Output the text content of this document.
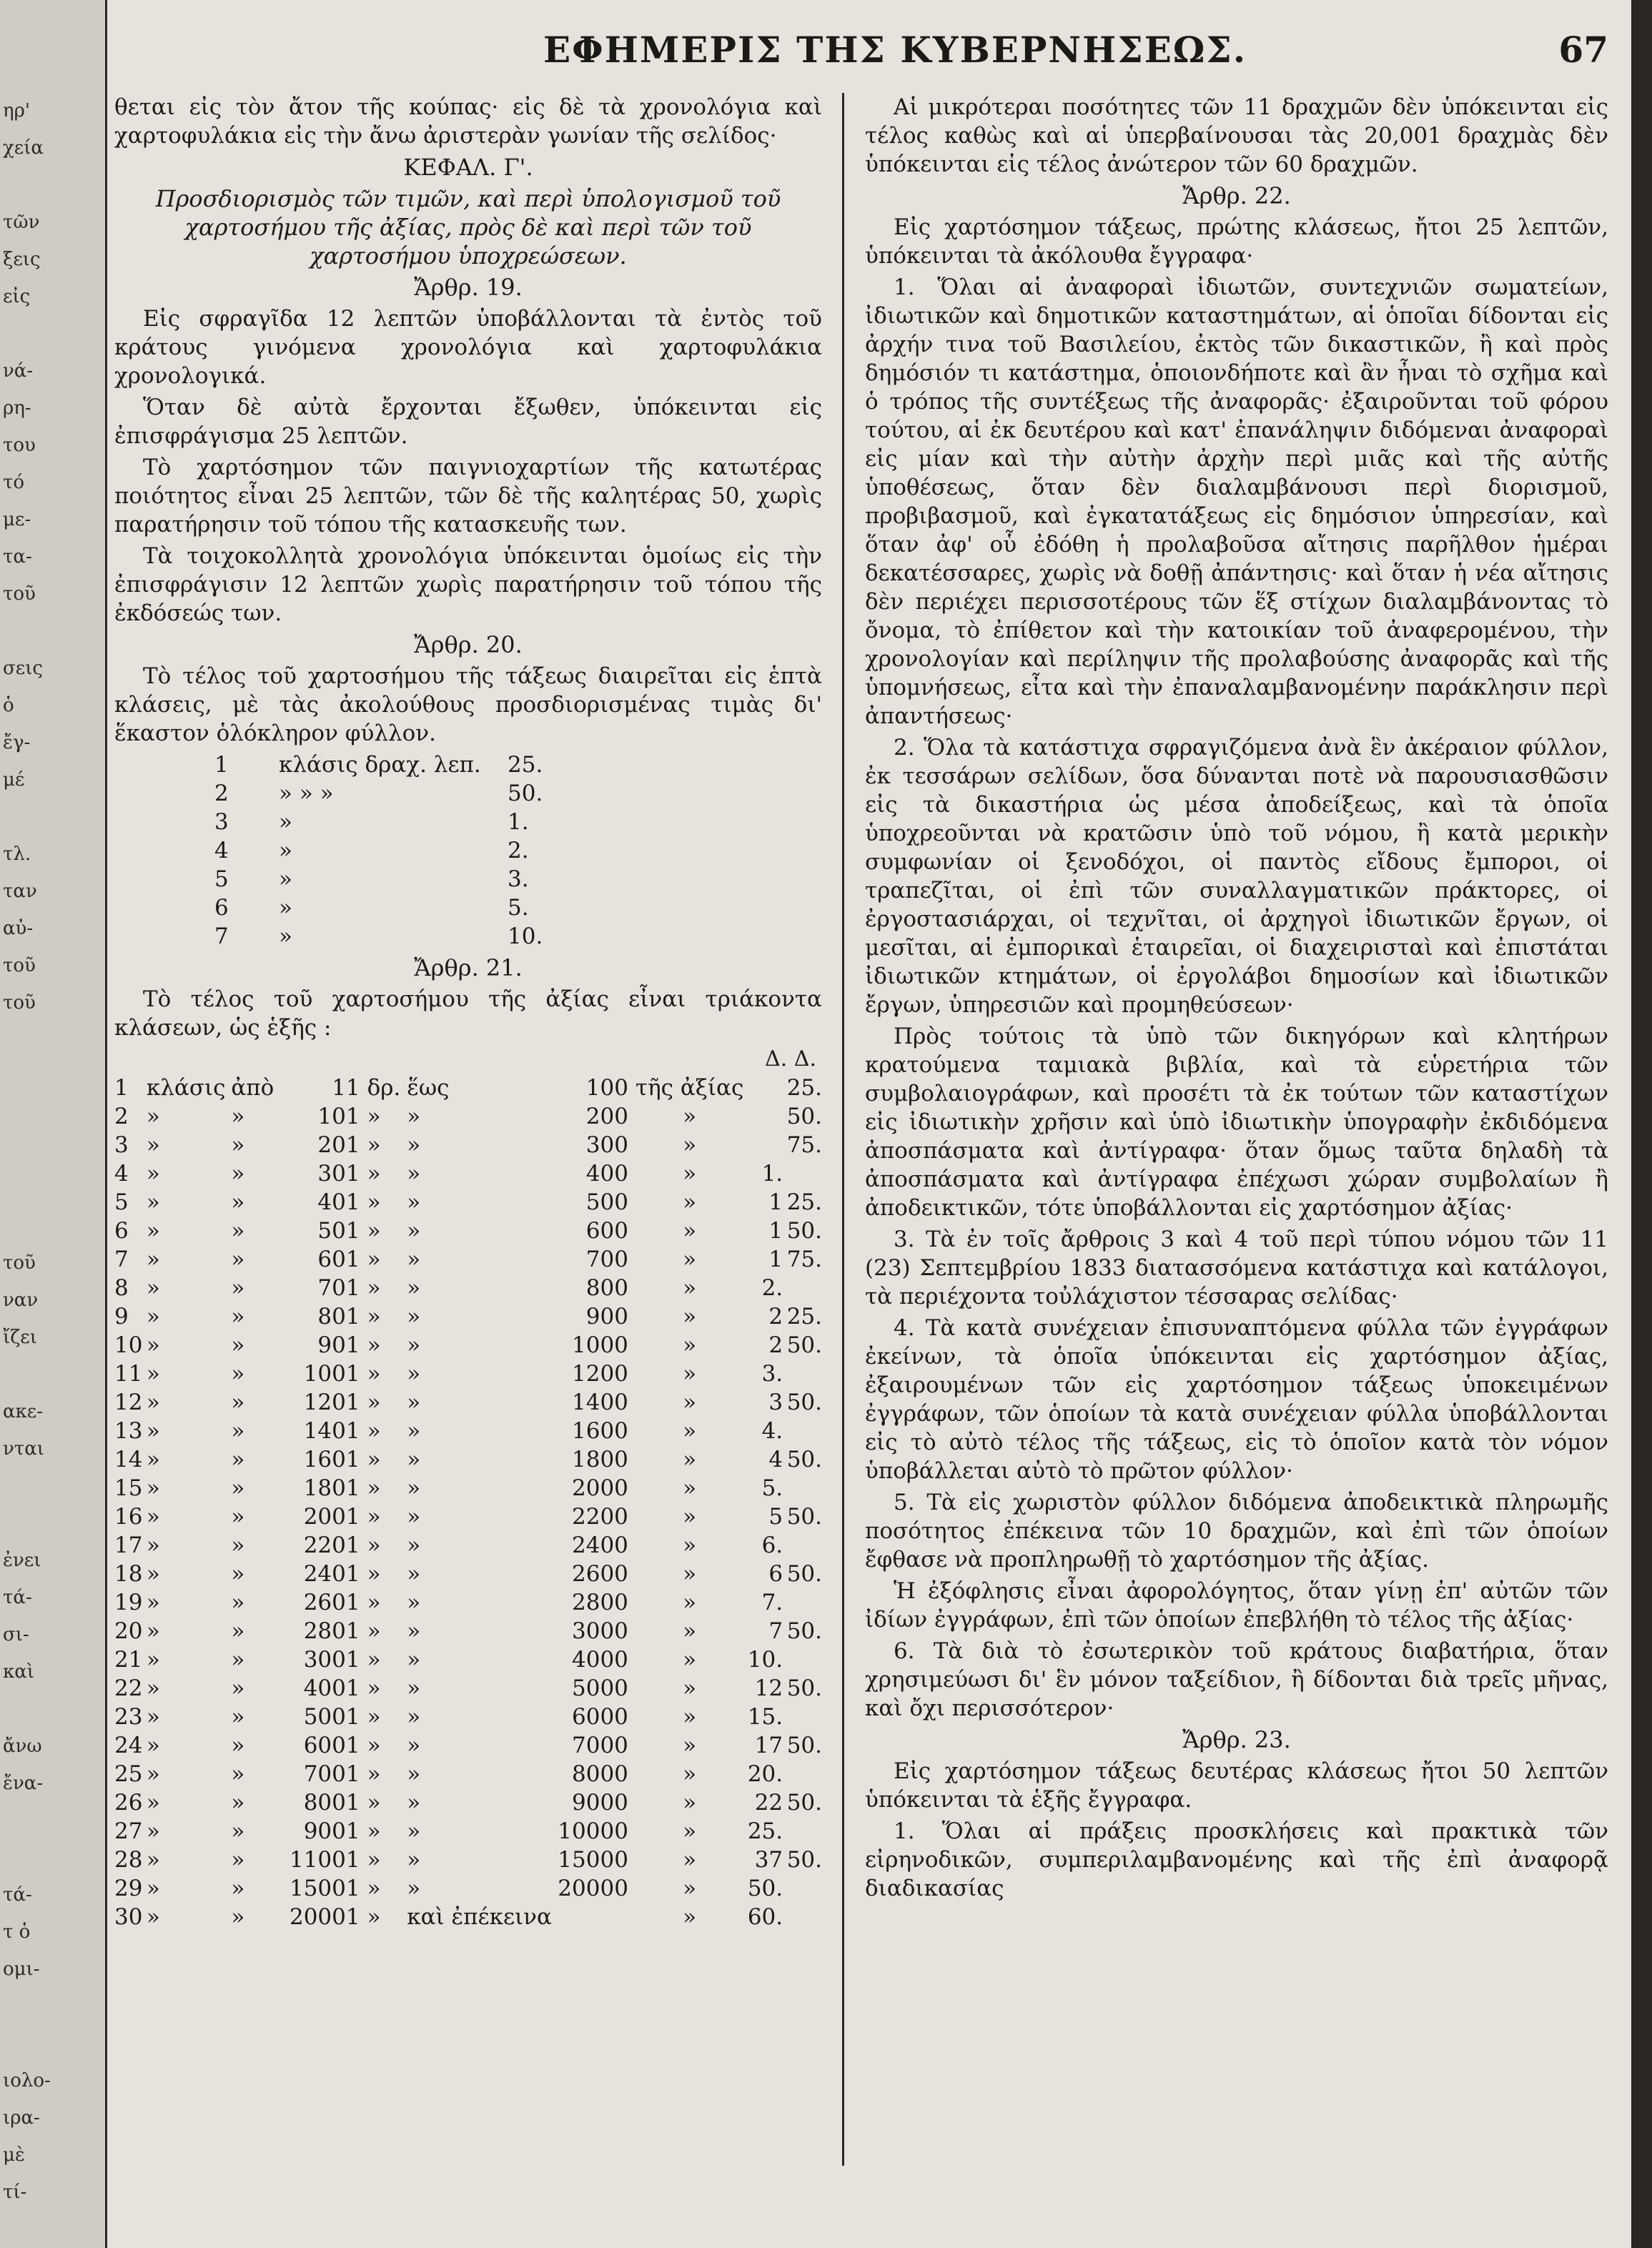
ηρ'
χεία
τῶν
ξεις
εἰς
νά-
ρη-
του
τό
με-
τα-
τοῦ
σεις
ὁ
ἔγ-
μέ
τλ.
ταν
αὐ-
τοῦ
τοῦ
τοῦ
ναν
ἴζει
ακε-
νται
ἐνει
τά-
σι-
καὶ
ἄνω
ἔνα-
τά-
τ ὁ
ομι-
ιολο-
ιρα-
μὲ
τί-
ΕΦΗΜΕΡΙΣ ΤΗΣ ΚΥΒΕΡΝΗΣΕΩΣ.	67

θεται εἰς τὸν ἄτον τῆς κούπας· εἰς δὲ τὰ χρονολόγια καὶ χαρτοφυλάκια εἰς τὴν ἄνω ἀριστερὰν γωνίαν τῆς σελίδος·

ΚΕΦΑΛ. Γ'.

Προσδιορισμὸς τῶν τιμῶν, καὶ περὶ ὑπολογισμοῦ τοῦ χαρτοσήμου τῆς ἀξίας, πρὸς δὲ καὶ περὶ τῶν τοῦ χαρτοσήμου ὑποχρεώσεων.

Ἄρθρ. 19.

Εἰς σφραγῖδα 12 λεπτῶν ὑποβάλλονται τὰ ἐντὸς τοῦ κράτους γινόμενα χρονολόγια καὶ χαρτοφυλάκια χρονολογικά.

Ὅταν δὲ αὐτὰ ἔρχονται ἔξωθεν, ὑπόκεινται εἰς ἐπισφράγισμα 25 λεπτῶν.

Τὸ χαρτόσημον τῶν παιγνιοχαρτίων τῆς κατωτέρας ποιότητος εἶναι 25 λεπτῶν, τῶν δὲ τῆς καλητέρας 50, χωρὶς παρατήρησιν τοῦ τόπου τῆς κατασκευῆς των.

Τὰ τοιχοκολλητὰ χρονολόγια ὑπόκεινται ὁμοίως εἰς τὴν ἐπισφράγισιν 12 λεπτῶν χωρὶς παρατήρησιν τοῦ τόπου τῆς ἐκδόσεώς των.

Ἄρθρ. 20.

Τὸ τέλος τοῦ χαρτοσήμου τῆς τάξεως διαιρεῖται εἰς ἑπτὰ κλάσεις, μὲ τὰς ἀκολούθους προσδιορισμένας τιμὰς δι' ἕκαστον ὁλόκληρον φύλλον.

1	κλάσις δραχ. λεπ.	25.
2	» » »	50.
3	»	1.
4	»	2.
5	»	3.
6	»	5.
7	»	10.
Ἄρθρ. 21.

Τὸ τέλος τοῦ χαρτοσήμου τῆς ἀξίας εἶναι τριάκοντα κλάσεων, ὡς ἑξῆς :

Δ. Δ.
1	κλάσις	ἀπὸ	11	δρ.	ἕως	100	τῆς ἀξίας		25.
2	»	»	101	»	»	200	»		50.
3	»	»	201	»	»	300	»		75.
4	»	»	301	»	»	400	»	1.	
5	»	»	401	»	»	500	»	1	25.
6	»	»	501	»	»	600	»	1	50.
7	»	»	601	»	»	700	»	1	75.
8	»	»	701	»	»	800	»	2.	
9	»	»	801	»	»	900	»	2	25.
10	»	»	901	»	»	1000	»	2	50.
11	»	»	1001	»	»	1200	»	3.	
12	»	»	1201	»	»	1400	»	3	50.
13	»	»	1401	»	»	1600	»	4.	
14	»	»	1601	»	»	1800	»	4	50.
15	»	»	1801	»	»	2000	»	5.	
16	»	»	2001	»	»	2200	»	5	50.
17	»	»	2201	»	»	2400	»	6.	
18	»	»	2401	»	»	2600	»	6	50.
19	»	»	2601	»	»	2800	»	7.	
20	»	»	2801	»	»	3000	»	7	50.
21	»	»	3001	»	»	4000	»	10.	
22	»	»	4001	»	»	5000	»	12	50.
23	»	»	5001	»	»	6000	»	15.	
24	»	»	6001	»	»	7000	»	17	50.
25	»	»	7001	»	»	8000	»	20.	
26	»	»	8001	»	»	9000	»	22	50.
27	»	»	9001	»	»	10000	»	25.	
28	»	»	11001	»	»	15000	»	37	50.
29	»	»	15001	»	»	20000	»	50.	
30	»	»	20001	»	καὶ ἐπέκεινα		»	60.	

Αἱ μικρότεραι ποσότητες τῶν 11 δραχμῶν δὲν ὑπόκεινται εἰς τέλος καθὼς καὶ αἱ ὑπερβαίνουσαι τὰς 20,001 δραχμὰς δὲν ὑπόκεινται εἰς τέλος ἀνώτερον τῶν 60 δραχμῶν.

Ἄρθρ. 22.

Εἰς χαρτόσημον τάξεως, πρώτης κλάσεως, ἤτοι 25 λεπτῶν, ὑπόκεινται τὰ ἀκόλουθα ἔγγραφα·

1. Ὅλαι αἱ ἀναφοραὶ ἰδιωτῶν, συντεχνιῶν σωματείων, ἰδιωτικῶν καὶ δημοτικῶν καταστημάτων, αἱ ὁποῖαι δίδονται εἰς ἀρχήν τινα τοῦ Βασιλείου, ἐκτὸς τῶν δικαστικῶν, ἢ καὶ πρὸς δημόσιόν τι κατάστημα, ὁποιονδήποτε καὶ ἂν ἦναι τὸ σχῆμα καὶ ὁ τρόπος τῆς συντέξεως τῆς ἀναφορᾶς· ἐξαιροῦνται τοῦ φόρου τούτου, αἱ ἐκ δευτέρου καὶ κατ' ἐπανάληψιν διδόμεναι ἀναφοραὶ εἰς μίαν καὶ τὴν αὐτὴν ἀρχὴν περὶ μιᾶς καὶ τῆς αὐτῆς ὑποθέσεως, ὅταν δὲν διαλαμβάνουσι περὶ διορισμοῦ, προβιβασμοῦ, καὶ ἐγκατατάξεως εἰς δημόσιον ὑπηρεσίαν, καὶ ὅταν ἀφ' οὗ ἐδόθη ἡ προλαβοῦσα αἴτησις παρῆλθον ἡμέραι δεκατέσσαρες, χωρὶς νὰ δοθῇ ἀπάντησις· καὶ ὅταν ἡ νέα αἴτησις δὲν περιέχει περισσοτέρους τῶν ἕξ στίχων διαλαμβάνοντας τὸ ὄνομα, τὸ ἐπίθετον καὶ τὴν κατοικίαν τοῦ ἀναφερομένου, τὴν χρονολογίαν καὶ περίληψιν τῆς προλαβούσης ἀναφορᾶς καὶ τῆς ὑπομνήσεως, εἶτα καὶ τὴν ἐπαναλαμβανομένην παράκλησιν περὶ ἀπαντήσεως·

2. Ὅλα τὰ κατάστιχα σφραγιζόμενα ἀνὰ ἓν ἀκέραιον φύλλον, ἐκ τεσσάρων σελίδων, ὅσα δύνανται ποτὲ νὰ παρουσιασθῶσιν εἰς τὰ δικαστήρια ὡς μέσα ἀποδείξεως, καὶ τὰ ὁποῖα ὑποχρεοῦνται νὰ κρατῶσιν ὑπὸ τοῦ νόμου, ἢ κατὰ μερικὴν συμφωνίαν οἱ ξενοδόχοι, οἱ παντὸς εἴδους ἔμποροι, οἱ τραπεζῖται, οἱ ἐπὶ τῶν συναλλαγματικῶν πράκτορες, οἱ ἐργοστασιάρχαι, οἱ τεχνῖται, οἱ ἀρχηγοὶ ἰδιωτικῶν ἔργων, οἱ μεσῖται, αἱ ἐμπορικαὶ ἑταιρεῖαι, οἱ διαχειρισταὶ καὶ ἐπιστάται ἰδιωτικῶν κτημάτων, οἱ ἐργολάβοι δημοσίων καὶ ἰδιωτικῶν ἔργων, ὑπηρεσιῶν καὶ προμηθεύσεων·

Πρὸς τούτοις τὰ ὑπὸ τῶν δικηγόρων καὶ κλητήρων κρατούμενα ταμιακὰ βιβλία, καὶ τὰ εὑρετήρια τῶν συμβολαιογράφων, καὶ προσέτι τὰ ἐκ τούτων τῶν καταστίχων εἰς ἰδιωτικὴν χρῆσιν καὶ ὑπὸ ἰδιωτικὴν ὑπογραφὴν ἐκδιδόμενα ἀποσπάσματα καὶ ἀντίγραφα· ὅταν ὅμως ταῦτα δηλαδὴ τὰ ἀποσπάσματα καὶ ἀντίγραφα ἐπέχωσι χώραν συμβολαίων ἢ ἀποδεικτικῶν, τότε ὑποβάλλονται εἰς χαρτόσημον ἀξίας·

3. Τὰ ἐν τοῖς ἄρθροις 3 καὶ 4 τοῦ περὶ τύπου νόμου τῶν 11 (23) Σεπτεμβρίου 1833 διατασσόμενα κατάστιχα καὶ κατάλογοι, τὰ περιέχοντα τοὐλάχιστον τέσσαρας σελίδας·

4. Τὰ κατὰ συνέχειαν ἐπισυναπτόμενα φύλλα τῶν ἐγγράφων ἐκείνων, τὰ ὁποῖα ὑπόκεινται εἰς χαρτόσημον ἀξίας, ἐξαιρουμένων τῶν εἰς χαρτόσημον τάξεως ὑποκειμένων ἐγγράφων, τῶν ὁποίων τὰ κατὰ συνέχειαν φύλλα ὑποβάλλονται εἰς τὸ αὐτὸ τέλος τῆς τάξεως, εἰς τὸ ὁποῖον κατὰ τὸν νόμον ὑποβάλλεται αὐτὸ τὸ πρῶτον φύλλον·

5. Τὰ εἰς χωριστὸν φύλλον διδόμενα ἀποδεικτικὰ πληρωμῆς ποσότητος ἐπέκεινα τῶν 10 δραχμῶν, καὶ ἐπὶ τῶν ὁποίων ἔφθασε νὰ προπληρωθῇ τὸ χαρτόσημον τῆς ἀξίας.

Ἡ ἐξόφλησις εἶναι ἀφορολόγητος, ὅταν γίνῃ ἐπ' αὐτῶν τῶν ἰδίων ἐγγράφων, ἐπὶ τῶν ὁποίων ἐπεβλήθη τὸ τέλος τῆς ἀξίας·

6. Τὰ διὰ τὸ ἐσωτερικὸν τοῦ κράτους διαβατήρια, ὅταν χρησιμεύωσι δι' ἓν μόνον ταξείδιον, ἢ δίδονται διὰ τρεῖς μῆνας, καὶ ὄχι περισσότερον·

Ἄρθρ. 23.

Εἰς χαρτόσημον τάξεως δευτέρας κλάσεως ἤτοι 50 λεπτῶν ὑπόκεινται τὰ ἑξῆς ἔγγραφα.

1. Ὅλαι αἱ πράξεις προσκλήσεις καὶ πρακτικὰ τῶν εἰρηνοδικῶν, συμπεριλαμβανομένης καὶ τῆς ἐπὶ ἀναφορᾷ διαδικασίας
